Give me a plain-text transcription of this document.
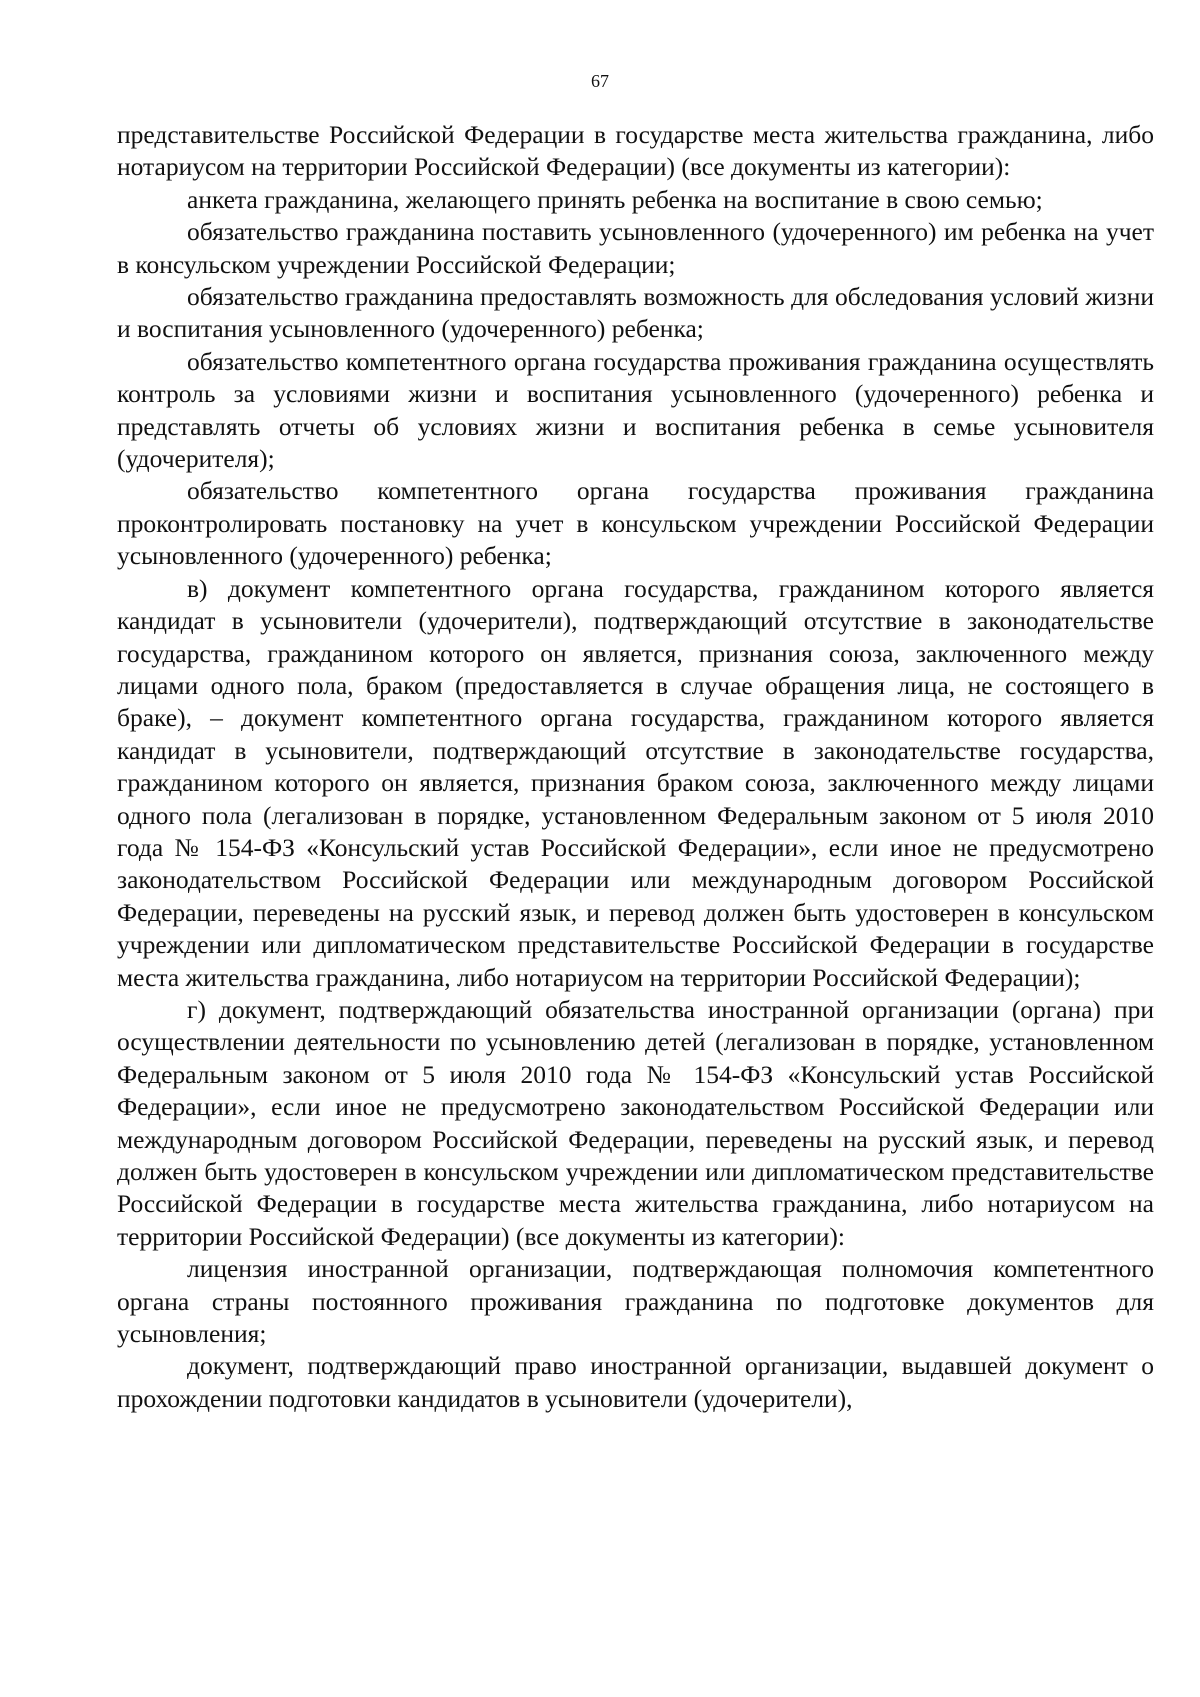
67

представительстве Российской Федерации в государстве места жительства гражданина, либо нотариусом на территории Российской Федерации) (все документы из категории):

анкета гражданина, желающего принять ребенка на воспитание в свою семью;

обязательство гражданина поставить усыновленного (удочеренного) им ребенка на учет в консульском учреждении Российской Федерации;

обязательство гражданина предоставлять возможность для обследования условий жизни и воспитания усыновленного (удочеренного) ребенка;

обязательство компетентного органа государства проживания гражданина осуществлять контроль за условиями жизни и воспитания усыновленного (удочеренного) ребенка и представлять отчеты об условиях жизни и воспитания ребенка в семье усыновителя (удочерителя);

обязательство компетентного органа государства проживания гражданина проконтролировать постановку на учет в консульском учреждении Российской Федерации усыновленного (удочеренного) ребенка;

в) документ компетентного органа государства, гражданином которого является кандидат в усыновители (удочерители), подтверждающий отсутствие в законодательстве государства, гражданином которого он является, признания союза, заключенного между лицами одного пола, браком (предоставляется в случае обращения лица, не состоящего в браке), – документ компетентного органа государства, гражданином которого является кандидат в усыновители, подтверждающий отсутствие в законодательстве государства, гражданином которого он является, признания браком союза, заключенного между лицами одного пола (легализован в порядке, установленном Федеральным законом от 5 июля 2010 года № 154-ФЗ «Консульский устав Российской Федерации», если иное не предусмотрено законодательством Российской Федерации или международным договором Российской Федерации, переведены на русский язык, и перевод должен быть удостоверен в консульском учреждении или дипломатическом представительстве Российской Федерации в государстве места жительства гражданина, либо нотариусом на территории Российской Федерации);

г) документ, подтверждающий обязательства иностранной организации (органа) при осуществлении деятельности по усыновлению детей (легализован в порядке, установленном Федеральным законом от 5 июля 2010 года № 154-ФЗ «Консульский устав Российской Федерации», если иное не предусмотрено законодательством Российской Федерации или международным договором Российской Федерации, переведены на русский язык, и перевод должен быть удостоверен в консульском учреждении или дипломатическом представительстве Российской Федерации в государстве места жительства гражданина, либо нотариусом на территории Российской Федерации) (все документы из категории):

лицензия иностранной организации, подтверждающая полномочия компетентного органа страны постоянного проживания гражданина по подготовке документов для усыновления;

документ, подтверждающий право иностранной организации, выдавшей документ о прохождении подготовки кандидатов в усыновители (удочерители),
